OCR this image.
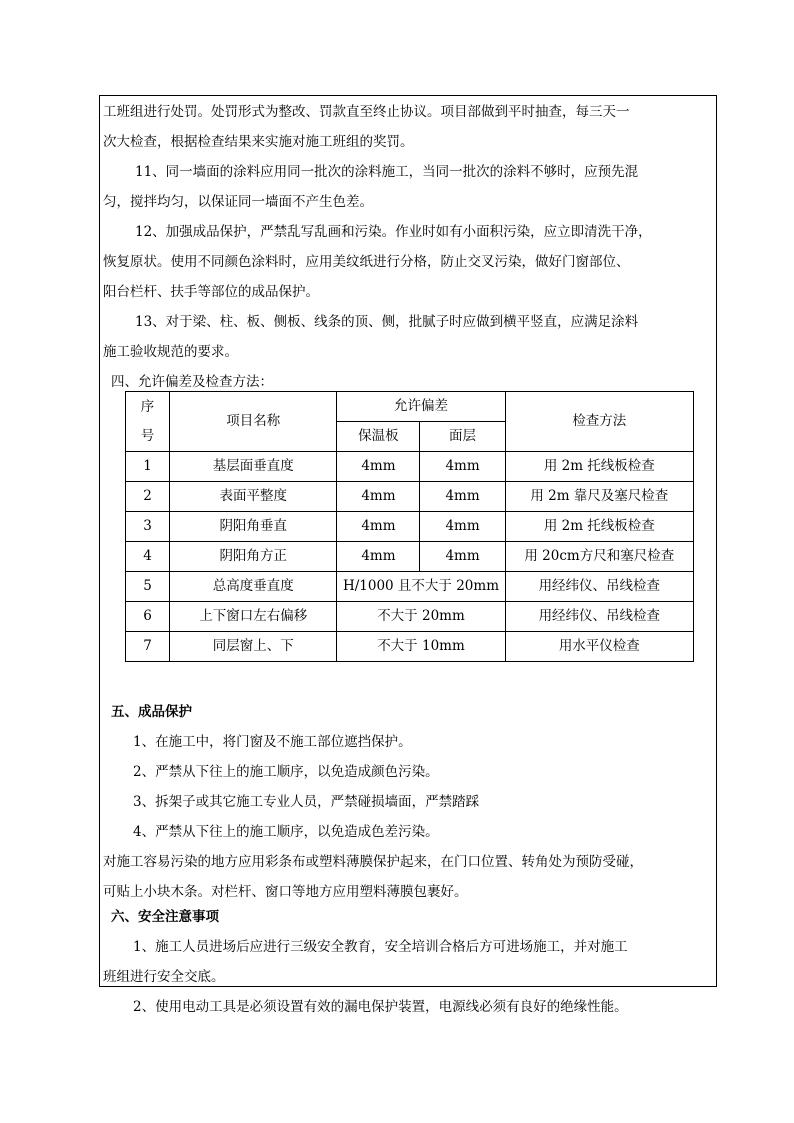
工班组进行处罚。处罚形式为整改、罚款直至终止协议。项目部做到平时抽查，每三天一
次大检查，根据检查结果来实施对施工班组的奖罚。
11、同一墙面的涂料应用同一批次的涂料施工，当同一批次的涂料不够时，应预先混
匀，搅拌均匀，以保证同一墙面不产生色差。
12、加强成品保护，严禁乱写乱画和污染。作业时如有小面积污染，应立即清洗干净，
恢复原状。使用不同颜色涂料时，应用美纹纸进行分格，防止交叉污染，做好门窗部位、
阳台栏杆、扶手等部位的成品保护。
13、对于梁、柱、板、侧板、线条的顶、侧，批腻子时应做到横平竖直，应满足涂料
施工验收规范的要求。
四、允许偏差及检查方法：
序
号	项目名称	允许偏差		检查方法
		保温板	面层	
1	基层面垂直度	4mm	4mm	用 2m 托线板检查
2	表面平整度	4mm	4mm	用 2m 靠尺及塞尺检查
3	阴阳角垂直	4mm	4mm	用 2m 托线板检查
4	阴阳角方正	4mm	4mm	用 20cm方尺和塞尺检查
5	总高度垂直度	H/1000 且不大于 20mm		用经纬仪、吊线检查
6	上下窗口左右偏移	不大于 20mm		用经纬仪、吊线检查
7	同层窗上、下	不大于 10mm		用水平仪检查
五、成品保护
1、在施工中，将门窗及不施工部位遮挡保护。
2、严禁从下往上的施工顺序，以免造成颜色污染。
3、拆架子或其它施工专业人员，严禁碰损墙面，严禁踏踩
4、严禁从下往上的施工顺序，以免造成色差污染。
对施工容易污染的地方应用彩条布或塑料薄膜保护起来，在门口位置、转角处为预防受碰，
可贴上小块木条。对栏杆、窗口等地方应用塑料薄膜包裹好。
六、安全注意事项
1、施工人员进场后应进行三级安全教育，安全培训合格后方可进场施工，并对施工
班组进行安全交底。
2、使用电动工具是必须设置有效的漏电保护装置，电源线必须有良好的绝缘性能。
